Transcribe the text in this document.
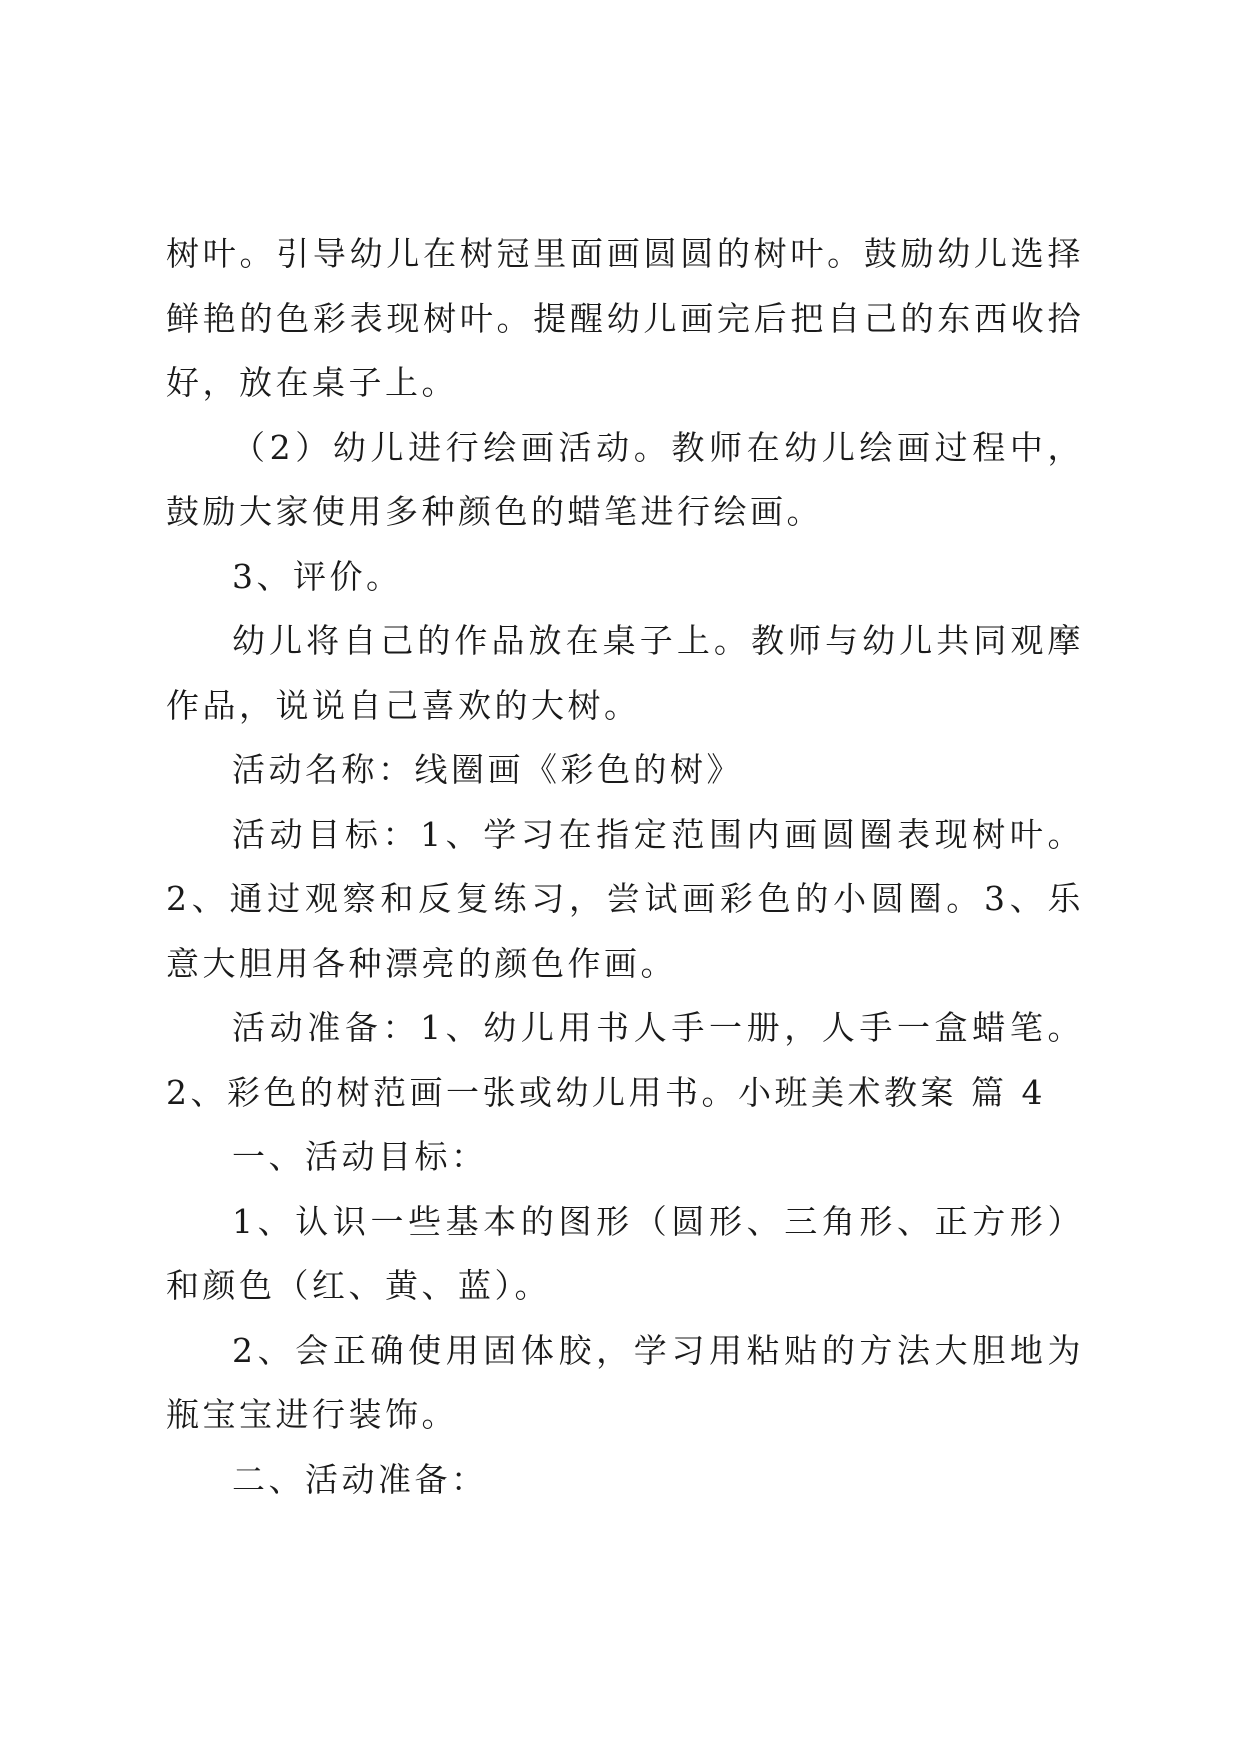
树叶。引导幼儿在树冠里面画圆圆的树叶。鼓励幼儿选择鲜艳的色彩表现树叶。提醒幼儿画完后把自己的东西收拾好，放在桌子上。

（2）幼儿进行绘画活动。教师在幼儿绘画过程中，鼓励大家使用多种颜色的蜡笔进行绘画。

3、评价。

幼儿将自己的作品放在桌子上。教师与幼儿共同观摩作品，说说自己喜欢的大树。

活动名称：线圈画《彩色的树》

活动目标：1、学习在指定范围内画圆圈表现树叶。2、通过观察和反复练习，尝试画彩色的小圆圈。3、乐意大胆用各种漂亮的颜色作画。

活动准备：1、幼儿用书人手一册，人手一盒蜡笔。2、彩色的树范画一张或幼儿用书。小班美术教案 篇 4

一、活动目标：

1、认识一些基本的图形（圆形、三角形、正方形）和颜色（红、黄、蓝）。

2、会正确使用固体胶，学习用粘贴的方法大胆地为瓶宝宝进行装饰。

二、活动准备：
